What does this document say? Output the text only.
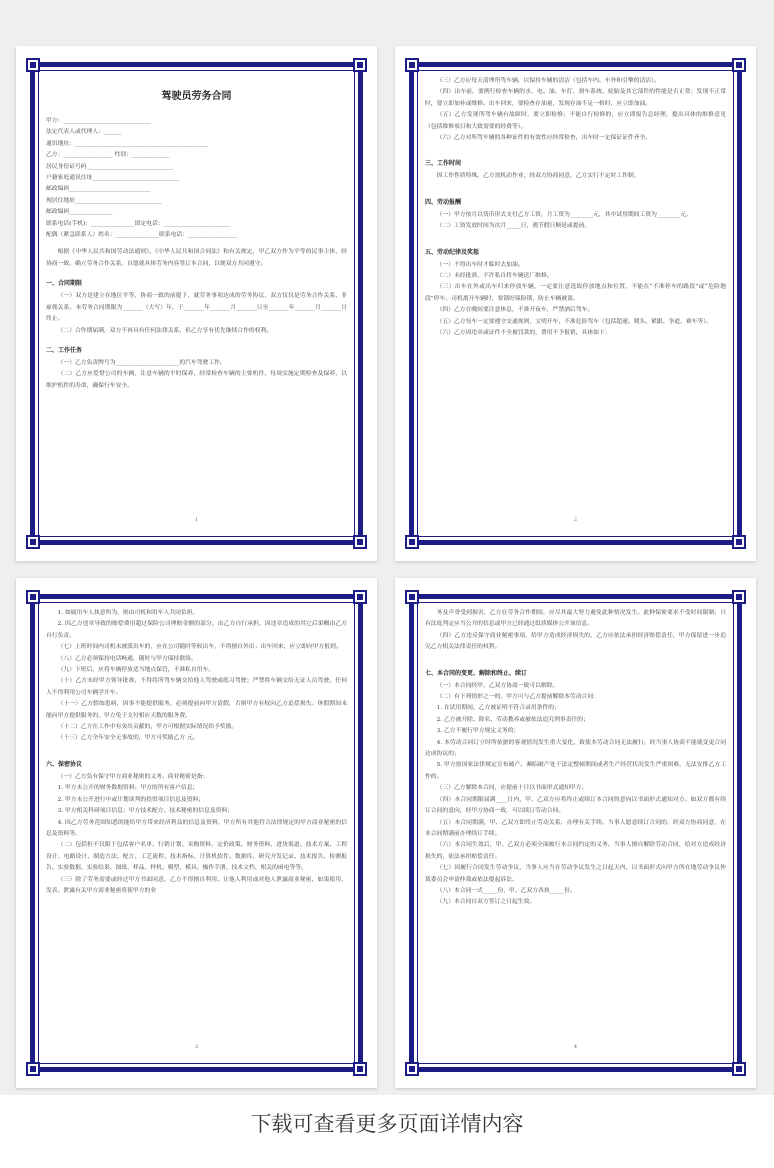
驾驶员劳务合同

甲方：______________________________

法定代表人或代理人：______

通讯地址：______________________________________________

乙方：_________________ 性别：_____________

居民身份证号码______________________________

户籍家庭通讯住址______________________________

邮政编码____________________________

现居住地址______________________________

邮政编码_______________

联系电话(手机)：_______________固定电话：_______________________

配偶（紧急联系人）姓名：_______________联系电话：_________________

根据《中华人民共和国劳动法通则》、《中华人民共和国合同法》和有关规定，甲乙双方作为平等的民事主体，经协商一致，确立劳务合作关系，自愿就具体劳务内容签订本合同，以便双方共同遵守。

一、合同期限

（一）双方是建立在地位平等，协商一致的前提下，就劳务事项达成的劳务协议，双方仅仅是劳务合作关系，非雇佣关系。本劳务合同期限为_______（大写）年，于_______年_______月_______日至_______年_______月_______日终止。

（二）合作期届满，双方不再具有任何法律关系，但乙方享有优先继续合作的权利。

二、工作任务

（一）乙方负责牌号为______________________的汽车驾驶工作。

（二）乙方应爱惜公司的车辆，注意车辆的平时保养，经常检查车辆的主要机件。每周实施定期检查及保养，以维护机件的寿命，确保行车安全。

1

（三）乙方应每天清理所驾车辆，以保持车辆的清洁（包括车内、车外和引擎的清洁）。

（四）出车前，要例行检查车辆的水、电、油、车灯、刹车系统、轮胎及其它部件的性能是否正常；发现不正常时，要立即加补或维修。出车回来，要检查存油量，发现存油不足一格时，应立即加油。

（五）乙方发现所驾车辆有故障时，要立即检修；不能自行检修的，应立即报告总经理，提出具体的维修意见（包括维修项目和大致需要的经费等）。

（六）乙方对所驾车辆的各种证件的有效性应经常检查，出车时一定保证证件齐全。

三、工作时间

因工作性质特殊，乙方需机动作业，经双方协商同意，乙方实行不定时工作制。

四、劳动报酬

（一）甲方按月以货币形式支付乙方工资，月工资为________元，其中试用期间工资为________元。

（二）工资发放时间为次月_____日，遇节假日顺延或提前。

五、劳动纪律及奖惩

（一）不得出车时才临时去加油。

（二）未经批准，不许私自将车辆送厂维修。

（三）出车在外或出车归来停放车辆，一定要注意选取停放地点和位置，不能在“不准停车的路段”或“危险地段”停车。司机离开车辆时，要锁好保险锁，防止车辆被盗。

（四）乙方在晚间要注意休息，不准开夜车，严禁酒后驾车。

（五）乙方每车一定要遵守交通规则，文明开车，不准危险驾车（包括超速、爬头、紧跟、争道、赛车等）。

（六）乙方因违章或证件不全被罚款的，费用不予报销，具体如下：

2

1. 如属用车人执意所为，则由司机和用车人共同负担。

2. 因乙方违章导致的赔偿费用超过保险公司理赔金额的部分，由乙方自行承担，因违章造成的其它后果概由乙方自行负责。

（七）上班时间内司机未被派出车的，应在公司随时等候出车，不得擅自外出；出车回来，应立即向甲方报到。

（八）乙方必须保持电话畅通，随时与甲方保持联络。

（九）下班后，应将车辆停放适当地点保管，不准私自用车。

（十）乙方未经甲方领导批准，不得将所驾车辆交给他人驾驶或练习驾驶；严禁将车辆交给无证人员驾驶。任何人不得利用公司车辆学开车。

（十一）乙方假如患病、因事不能提供服务，必须提前向甲方请假，否则甲方有权向乙方追偿损失。休假期间未能向甲方提供服务的，甲方免于支付相应天数的服务费。

（十二）乙方在工作中有突出贡献的，甲方可根据实际情况给予奖励。

（十三）乙方全年安全无事故的，甲方可奖励乙方 元。

六、保密协议

（一）乙方负有保守甲方商业秘密的义务。商业秘密是指：

1. 甲方未公开的财务数据资料；甲方的所有客户信息；

2. 甲方未公开进行中或计划谈判的投资项目信息及资料；

3. 甲方相关科研项目信息；甲方技术配方、技术秘密的信息及资料；

4. 因乙方劳务范围知悉的能给甲方带来经济利益的信息及资料，甲方所有其他符合法律规定的甲方商业秘密的信息及资料等。

（二）包括但不仅限于包括客户名单、行销计划、采购资料、定价政策、财务资料、进货渠道、技术方案、工程设计、电路设计、制造方法、配方、工艺流程、技术指标、计算机软件、数据库、研究开发记录、技术报告、检测报告、实验数据、实验结果、图纸、样品、样机、模型、模具、操作手册、技术文档、相关的函电等等。

（三）除了劳务需要或经过甲方书面同意，乙方不得擅自利用、让他人利用或对他人泄露商业秘密，如果使用、发表、泄露有关甲方商业秘密将使甲方的业

3

务及声誉受到损害，乙方在劳务合作期间，应尽其最大努力避免此种情况发生。此种保密要求不受时间限制；只有法庭判定应当公开的信息或甲方已经通过纸质媒体公开该信息。

（四）乙方违反保守商业秘密事项，给甲方造成经济损失的，乙方应依法承担经济赔偿责任，甲方保留进一步追究乙方相关法律责任的权利。

七、本合同的变更、解除和终止、续订

（一）本合同经甲、乙双方协商一致可以解除。

（二）有下列情形之一的，甲方可与乙方提前解除本劳动合同：

1. 在试用期间，乙方被证明不符合录用条件的；

2. 乙方被开除、除名、劳动教养或被依法追究刑事责任的；

3. 乙方不履行甲方规定义务的；

4. 本劳动合同订立时所依据的客观情况发生重大变化，致使本劳动合同无法履行，经当事人协商不能就变更合同达成协议的；

5. 甲方按国家法律规定宣布破产、濒临破产处于法定整顿期间或者生产经营状况发生严重困难，无法安排乙方工作的。

（三）乙方解除本合同，应提前十日以书面形式通知甲方。

（四）本合同期限届满____日内，甲、乙双方应将终止或续订本合同的意向以书面形式通知对方。如双方都有续订合同的意向，经甲方协商一致，可以续订劳动合同。

（五）本合同期满，甲、乙双方即终止劳动关系，办理有关手续。当事人愿意续订合同的，经双方协商同意，在本合同期满前办理续订手续。

（六）本合同生效后，甲、乙双方必须全面履行本合同约定的义务。当事人擅自解除劳动合同，给对方造成经济损失的，依法承担赔偿责任。

（七）因履行合同发生劳动争议，当事人应当在劳动争议发生之日起天内，以书面形式向甲方所在地劳动争议仲裁委员会申请仲裁或依法提起诉讼。

（八）本合同一式_____份，甲、乙双方各执_____份。

（九）本合同自双方签订之日起生效。

4
下载可查看更多页面详情内容
